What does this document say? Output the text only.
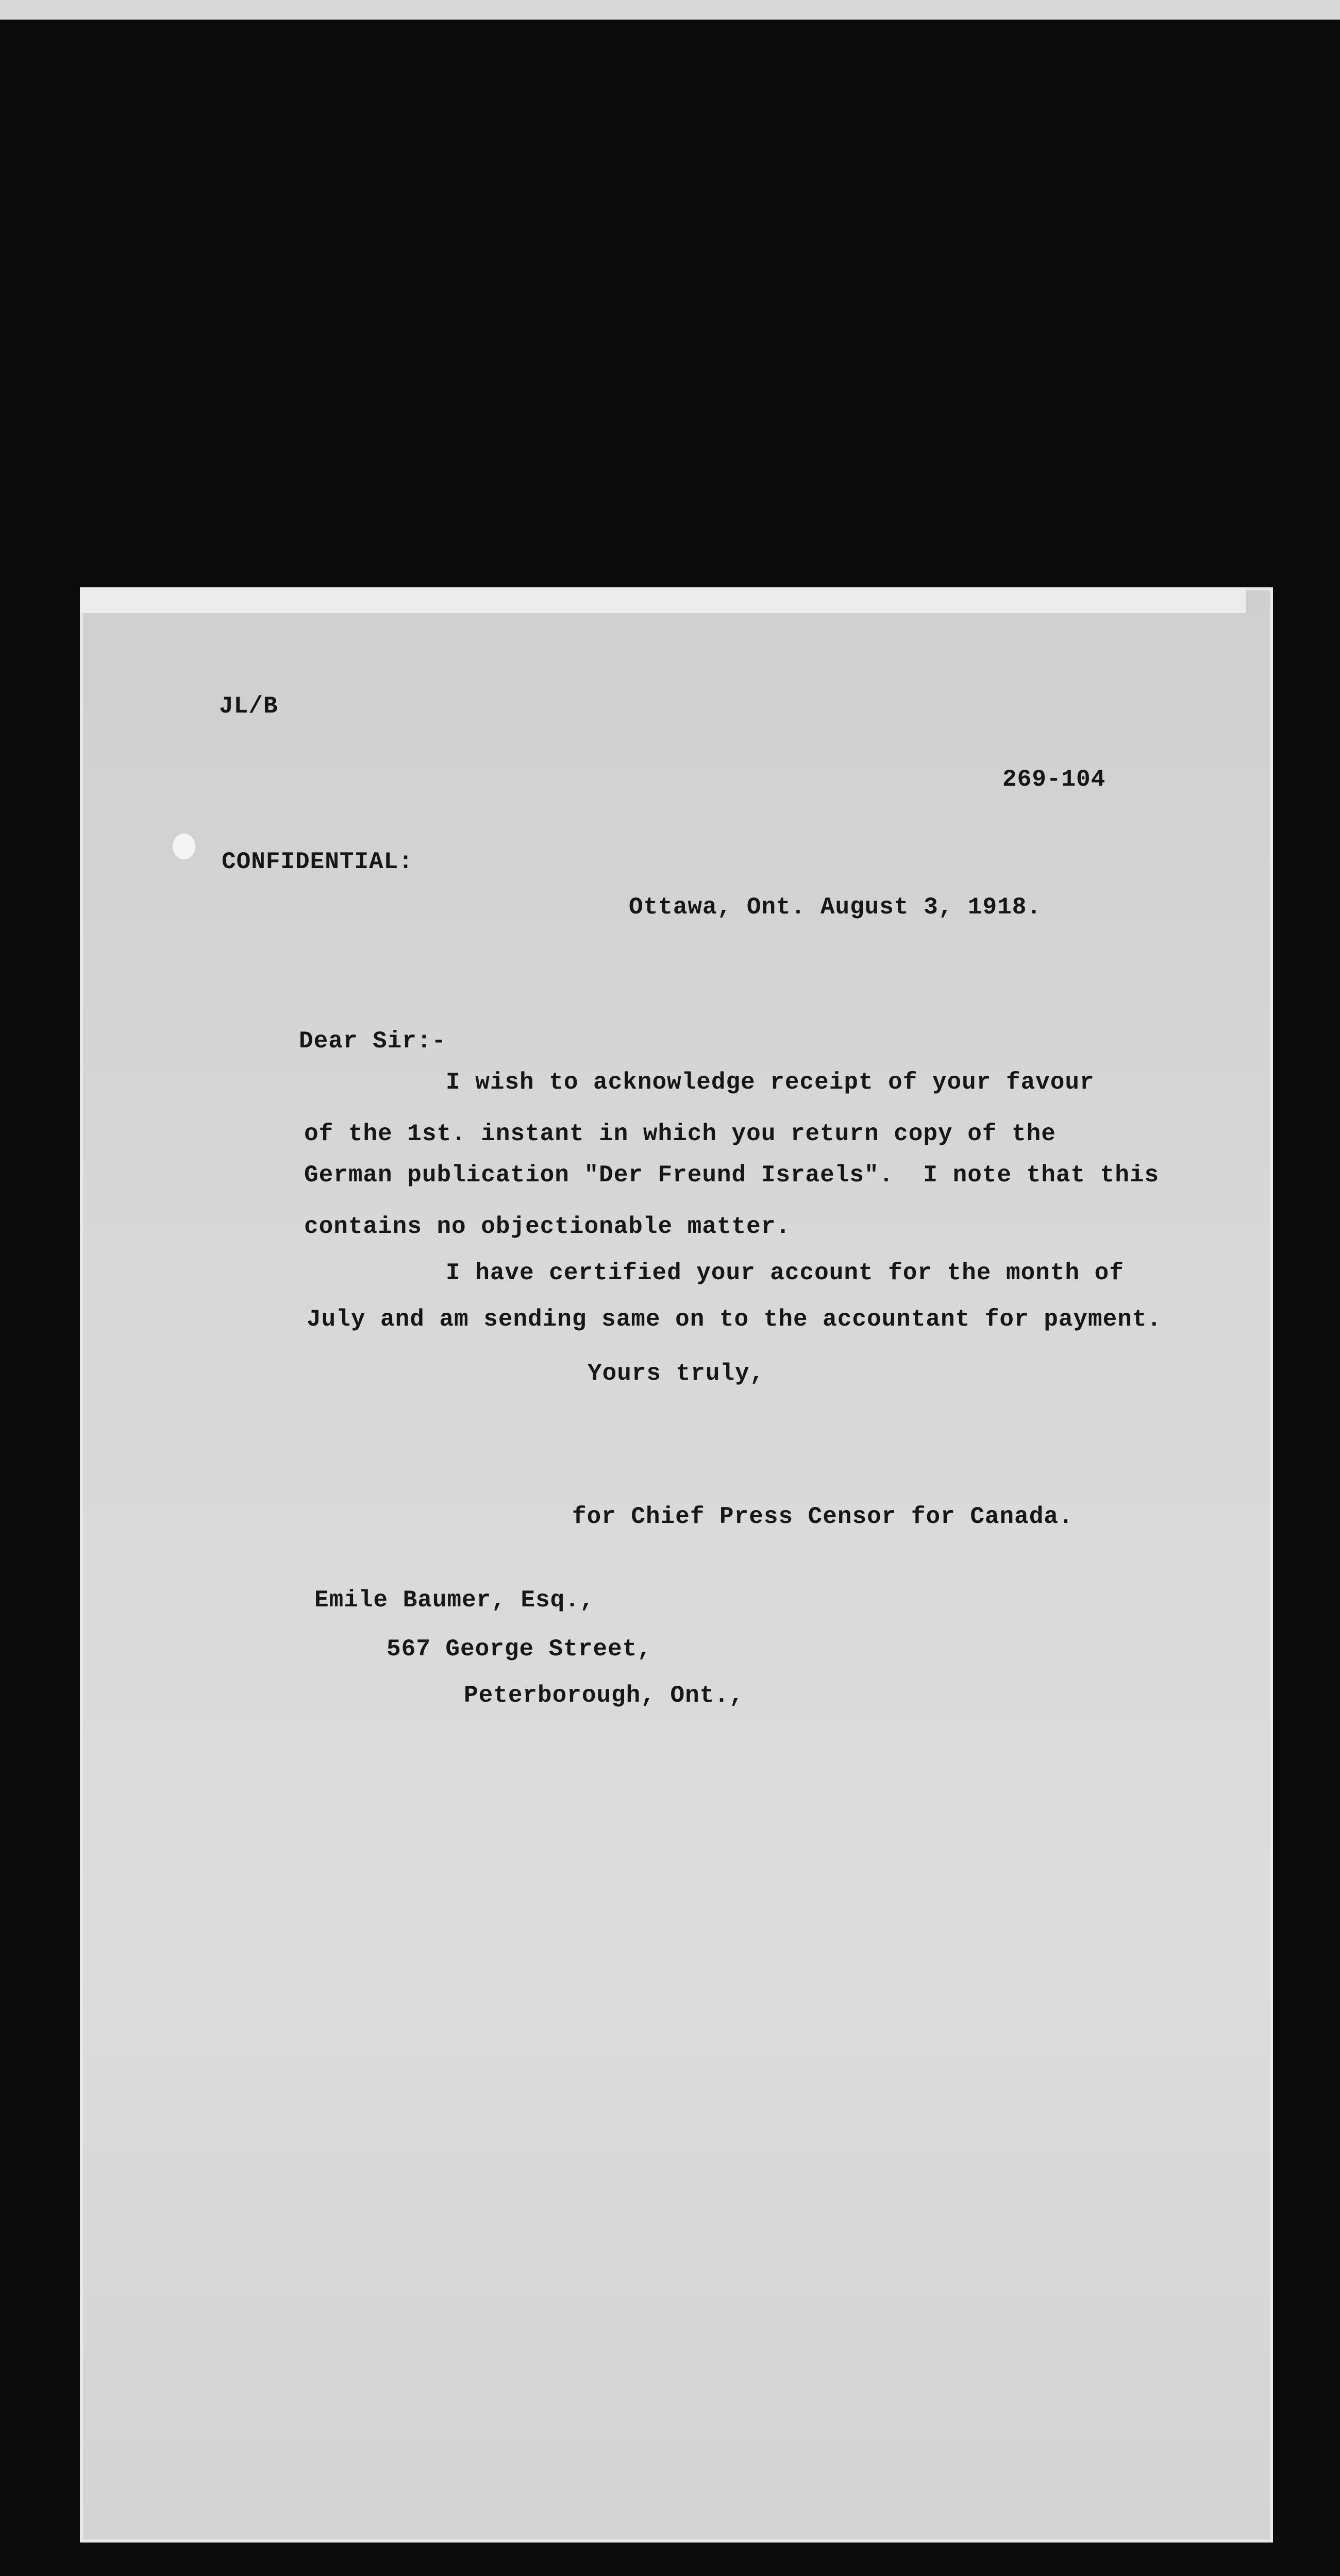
JL/B
269-104
CONFIDENTIAL:
Ottawa, Ont. August 3, 1918.
Dear Sir:-
I wish to acknowledge receipt of your favour
of the 1st. instant in which you return copy of the
German publication "Der Freund Israels".  I note that this
contains no objectionable matter.
I have certified your account for the month of
July and am sending same on to the accountant for payment.
Yours truly,
for Chief Press Censor for Canada.
Emile Baumer, Esq.,
567 George Street,
Peterborough, Ont.,
